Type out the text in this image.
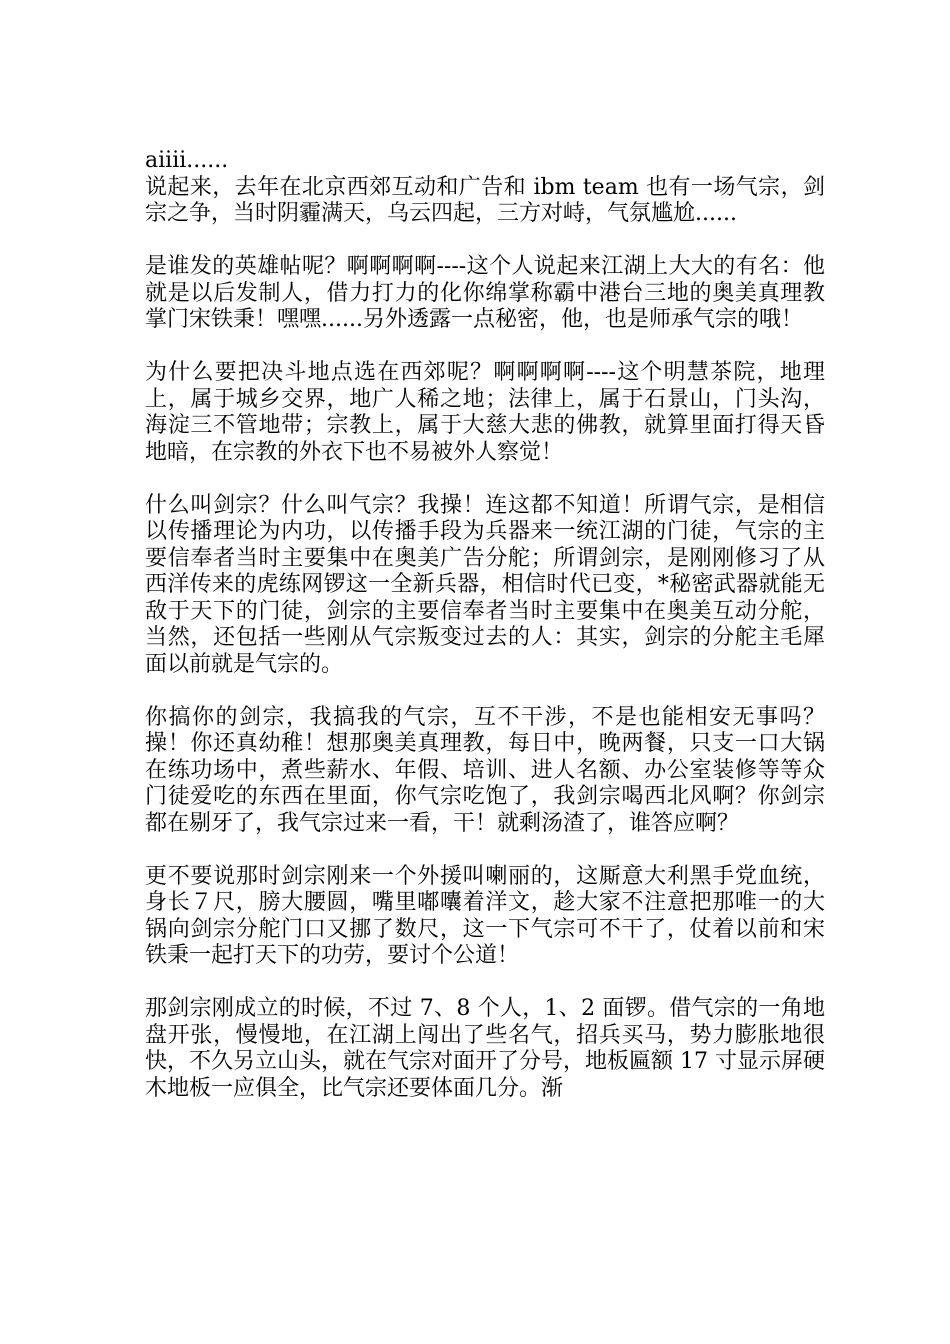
aiiii......

说起来，去年在北京西郊互动和广告和 ibm team 也有一场气宗，剑宗之争，当时阴霾满天，乌云四起，三方对峙，气氛尴尬......

是谁发的英雄帖呢？啊啊啊啊----这个人说起来江湖上大大的有名：他就是以后发制人，借力打力的化你绵掌称霸中港台三地的奥美真理教掌门宋铁秉！嘿嘿......另外透露一点秘密，他，也是师承气宗的哦！

为什么要把决斗地点选在西郊呢？啊啊啊啊----这个明慧茶院，地理上，属于城乡交界，地广人稀之地；法律上，属于石景山，门头沟，海淀三不管地带；宗教上，属于大慈大悲的佛教，就算里面打得天昏地暗，在宗教的外衣下也不易被外人察觉！

什么叫剑宗？什么叫气宗？我操！连这都不知道！所谓气宗，是相信以传播理论为内功，以传播手段为兵器来一统江湖的门徒，气宗的主要信奉者当时主要集中在奥美广告分舵；所谓剑宗，是刚刚修习了从西洋传来的虎练网锣这一全新兵器，相信时代已变，*秘密武器就能无敌于天下的门徒，剑宗的主要信奉者当时主要集中在奥美互动分舵，当然，还包括一些刚从气宗叛变过去的人：其实，剑宗的分舵主毛犀面以前就是气宗的。

你搞你的剑宗，我搞我的气宗，互不干涉，不是也能相安无事吗？操！你还真幼稚！想那奥美真理教，每日中，晚两餐，只支一口大锅在练功场中，煮些薪水、年假、培训、进人名额、办公室装修等等众门徒爱吃的东西在里面，你气宗吃饱了，我剑宗喝西北风啊？你剑宗都在剔牙了，我气宗过来一看，干！就剩汤渣了，谁答应啊？

更不要说那时剑宗刚来一个外援叫喇丽的，这厮意大利黑手党血统，身长７尺，膀大腰圆，嘴里嘟囔着洋文，趁大家不注意把那唯一的大锅向剑宗分舵门口又挪了数尺，这一下气宗可不干了，仗着以前和宋铁秉一起打天下的功劳，要讨个公道！

那剑宗刚成立的时候，不过 7、8 个人，1、2 面锣。借气宗的一角地盘开张，慢慢地，在江湖上闯出了些名气，招兵买马，势力膨胀地很快，不久另立山头，就在气宗对面开了分号，地板匾额 17 寸显示屏硬木地板一应俱全，比气宗还要体面几分。渐
